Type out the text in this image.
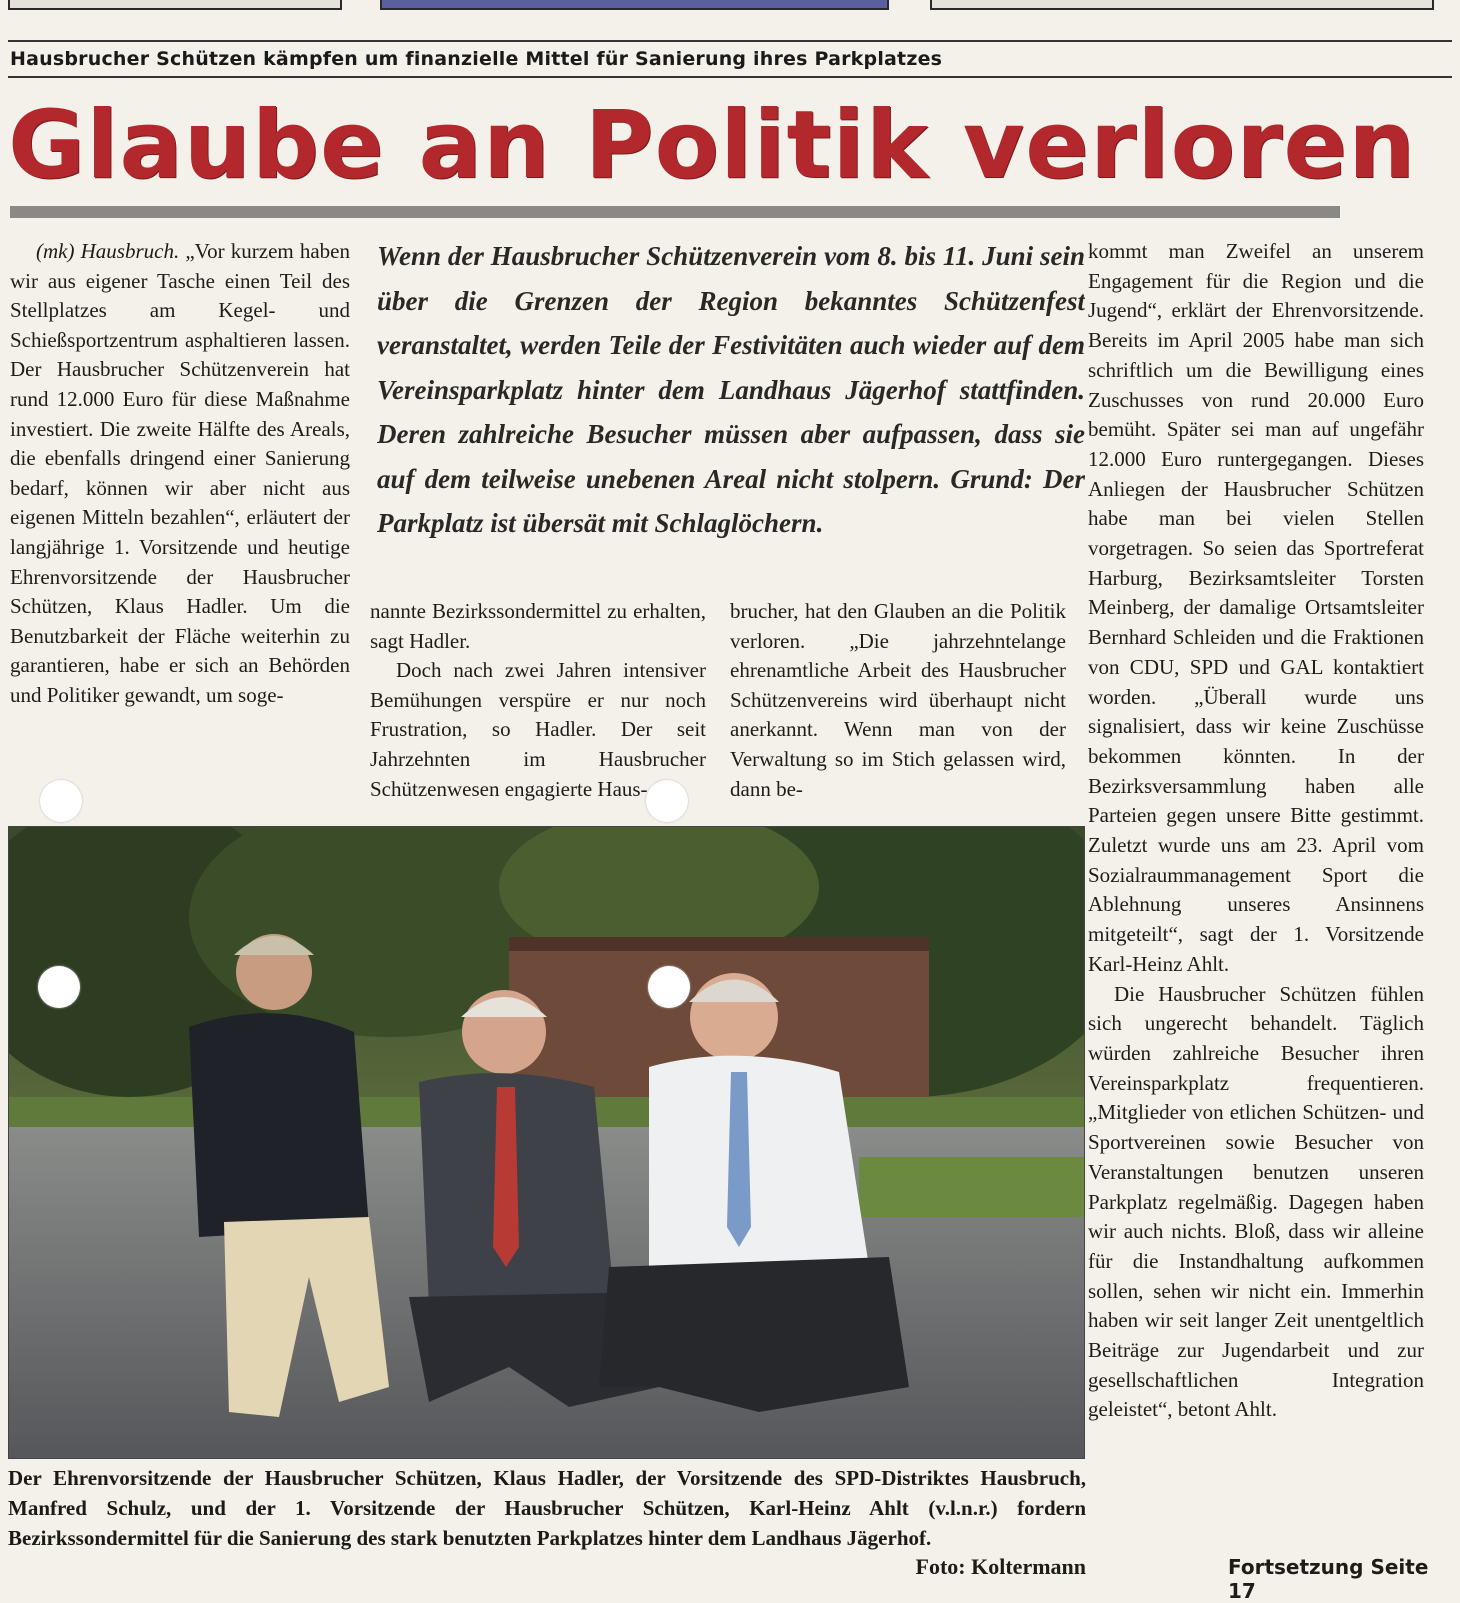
Hausbrucher Schützen kämpfen um finanzielle Mittel für Sanierung ihres Parkplatzes
Glaube an Politik verloren

(mk) Hausbruch. „Vor kurzem haben wir aus eigener Tasche einen Teil des Stellplatzes am Kegel- und Schießsportzentrum asphaltieren lassen. Der Hausbrucher Schützenverein hat rund 12.000 Euro für diese Maßnahme investiert. Die zweite Hälfte des Areals, die ebenfalls dringend einer Sanierung bedarf, können wir aber nicht aus eigenen Mitteln bezahlen“, erläutert der langjährige 1. Vorsitzende und heutige Ehrenvorsitzende der Hausbrucher Schützen, Klaus Hadler. Um die Benutzbarkeit der Fläche weiterhin zu garantieren, habe er sich an Behörden und Politiker gewandt, um soge-

Wenn der Hausbrucher Schützenverein vom 8. bis 11. Juni sein über die Grenzen der Region bekanntes Schützenfest veranstaltet, werden Teile der Festivitäten auch wieder auf dem Vereinsparkplatz hinter dem Landhaus Jägerhof stattfinden. Deren zahlreiche Besucher müssen aber aufpassen, dass sie auf dem teilweise unebenen Areal nicht stolpern. Grund: Der Parkplatz ist übersät mit Schlaglöchern.

nannte Bezirkssondermittel zu erhalten, sagt Hadler.

Doch nach zwei Jahren intensiver Bemühungen verspüre er nur noch Frustration, so Hadler. Der seit Jahrzehnten im Hausbrucher Schützenwesen engagierte Haus-

brucher, hat den Glauben an die Politik verloren. „Die jahrzehntelange ehrenamtliche Arbeit des Hausbrucher Schützenvereins wird überhaupt nicht anerkannt. Wenn man von der Verwaltung so im Stich gelassen wird, dann be-

kommt man Zweifel an unserem Engagement für die Region und die Jugend“, erklärt der Ehrenvorsitzende. Bereits im April 2005 habe man sich schriftlich um die Bewilligung eines Zuschusses von rund 20.000 Euro bemüht. Später sei man auf ungefähr 12.000 Euro runtergegangen. Dieses Anliegen der Hausbrucher Schützen habe man bei vielen Stellen vorgetragen. So seien das Sportreferat Harburg, Bezirksamtsleiter Torsten Meinberg, der damalige Ortsamtsleiter Bernhard Schleiden und die Fraktionen von CDU, SPD und GAL kontaktiert worden. „Überall wurde uns signalisiert, dass wir keine Zuschüsse bekommen könnten. In der Bezirksversammlung haben alle Parteien gegen unsere Bitte gestimmt. Zuletzt wurde uns am 23. April vom Sozialraummanagement Sport die Ablehnung unseres Ansinnens mitgeteilt“, sagt der 1. Vorsitzende Karl-Heinz Ahlt.

Die Hausbrucher Schützen fühlen sich ungerecht behandelt. Täglich würden zahlreiche Besucher ihren Vereinsparkplatz frequentieren. „Mitglieder von etlichen Schützen- und Sportvereinen sowie Besucher von Veranstaltungen benutzen unseren Parkplatz regelmäßig. Dagegen haben wir auch nichts. Bloß, dass wir alleine für die Instandhaltung aufkommen sollen, sehen wir nicht ein. Immerhin haben wir seit langer Zeit unentgeltlich Beiträge zur Jugendarbeit und zur gesellschaftlichen Integration geleistet“, betont Ahlt.

Der Ehrenvorsitzende der Hausbrucher Schützen, Klaus Hadler, der Vorsitzende des SPD-Distriktes Hausbruch, Manfred Schulz, und der 1. Vorsitzende der Hausbrucher Schützen, Karl-Heinz Ahlt (v.l.n.r.) fordern Bezirkssondermittel für die Sanierung des stark benutzten Parkplatzes hinter dem Landhaus Jägerhof.
Foto: Koltermann	Fortsetzung Seite 17
